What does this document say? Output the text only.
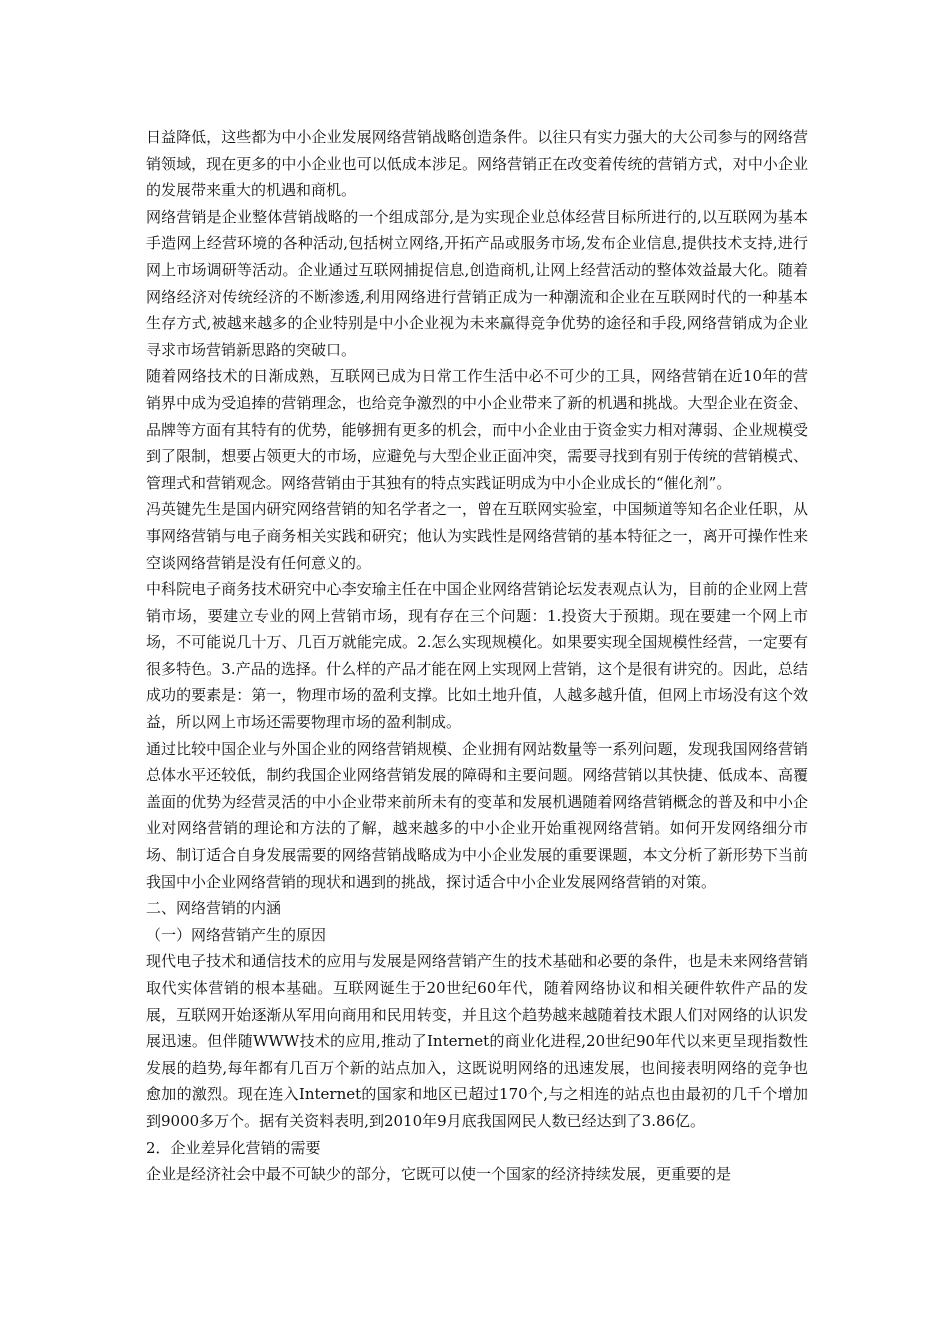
日益降低，这些都为中小企业发展网络营销战略创造条件。以往只有实力强大的大公司参与的网络营销领域，现在更多的中小企业也可以低成本涉足。网络营销正在改变着传统的营销方式，对中小企业的发展带来重大的机遇和商机。

网络营销是企业整体营销战略的一个组成部分,是为实现企业总体经营目标所进行的,以互联网为基本手造网上经营环境的各种活动,包括树立网络,开拓产品或服务市场,发布企业信息,提供技术支持,进行网上市场调研等活动。企业通过互联网捕捉信息,创造商机,让网上经营活动的整体效益最大化。随着网络经济对传统经济的不断渗透,利用网络进行营销正成为一种潮流和企业在互联网时代的一种基本生存方式,被越来越多的企业特别是中小企业视为未来赢得竞争优势的途径和手段,网络营销成为企业寻求市场营销新思路的突破口。

随着网络技术的日渐成熟，互联网已成为日常工作生活中必不可少的工具，网络营销在近10年的营销界中成为受追捧的营销理念，也给竞争激烈的中小企业带来了新的机遇和挑战。大型企业在资金、品牌等方面有其特有的优势，能够拥有更多的机会，而中小企业由于资金实力相对薄弱、企业规模受到了限制，想要占领更大的市场，应避免与大型企业正面冲突，需要寻找到有别于传统的营销模式、管理式和营销观念。网络营销由于其独有的特点实践证明成为中小企业成长的“催化剂”。

冯英键先生是国内研究网络营销的知名学者之一，曾在互联网实验室，中国频道等知名企业任职，从事网络营销与电子商务相关实践和研究；他认为实践性是网络营销的基本特征之一，离开可操作性来空谈网络营销是没有任何意义的。

中科院电子商务技术研究中心李安瑜主任在中国企业网络营销论坛发表观点认为，目前的企业网上营销市场，要建立专业的网上营销市场，现有存在三个问题：1.投资大于预期。现在要建一个网上市场，不可能说几十万、几百万就能完成。2.怎么实现规模化。如果要实现全国规模性经营，一定要有很多特色。3.产品的选择。什么样的产品才能在网上实现网上营销，这个是很有讲究的。因此，总结成功的要素是：第一，物理市场的盈利支撑。比如土地升值，人越多越升值，但网上市场没有这个效益，所以网上市场还需要物理市场的盈利制成。

通过比较中国企业与外国企业的网络营销规模、企业拥有网站数量等一系列问题，发现我国网络营销总体水平还较低，制约我国企业网络营销发展的障碍和主要问题。网络营销以其快捷、低成本、高覆盖面的优势为经营灵活的中小企业带来前所未有的变革和发展机遇随着网络营销概念的普及和中小企业对网络营销的理论和方法的了解，越来越多的中小企业开始重视网络营销。如何开发网络细分市场、制订适合自身发展需要的网络营销战略成为中小企业发展的重要课题，本文分析了新形势下当前我国中小企业网络营销的现状和遇到的挑战，探讨适合中小企业发展网络营销的对策。

二、网络营销的内涵

（一）网络营销产生的原因

现代电子技术和通信技术的应用与发展是网络营销产生的技术基础和必要的条件，也是未来网络营销取代实体营销的根本基础。互联网诞生于20世纪60年代，随着网络协议和相关硬件软件产品的发展，互联网开始逐渐从军用向商用和民用转变，并且这个趋势越来越随着技术跟人们对网络的认识发展迅速。但伴随WWW技术的应用,推动了Internet的商业化进程,20世纪90年代以来更呈现指数性发展的趋势,每年都有几百万个新的站点加入，这既说明网络的迅速发展，也间接表明网络的竞争也愈加的激烈。现在连入Internet的国家和地区已超过170个,与之相连的站点也由最初的几千个增加到9000多万个。据有关资料表明,到2010年9月底我国网民人数已经达到了3.86亿。

2．企业差异化营销的需要

企业是经济社会中最不可缺少的部分，它既可以使一个国家的经济持续发展，更重要的是
